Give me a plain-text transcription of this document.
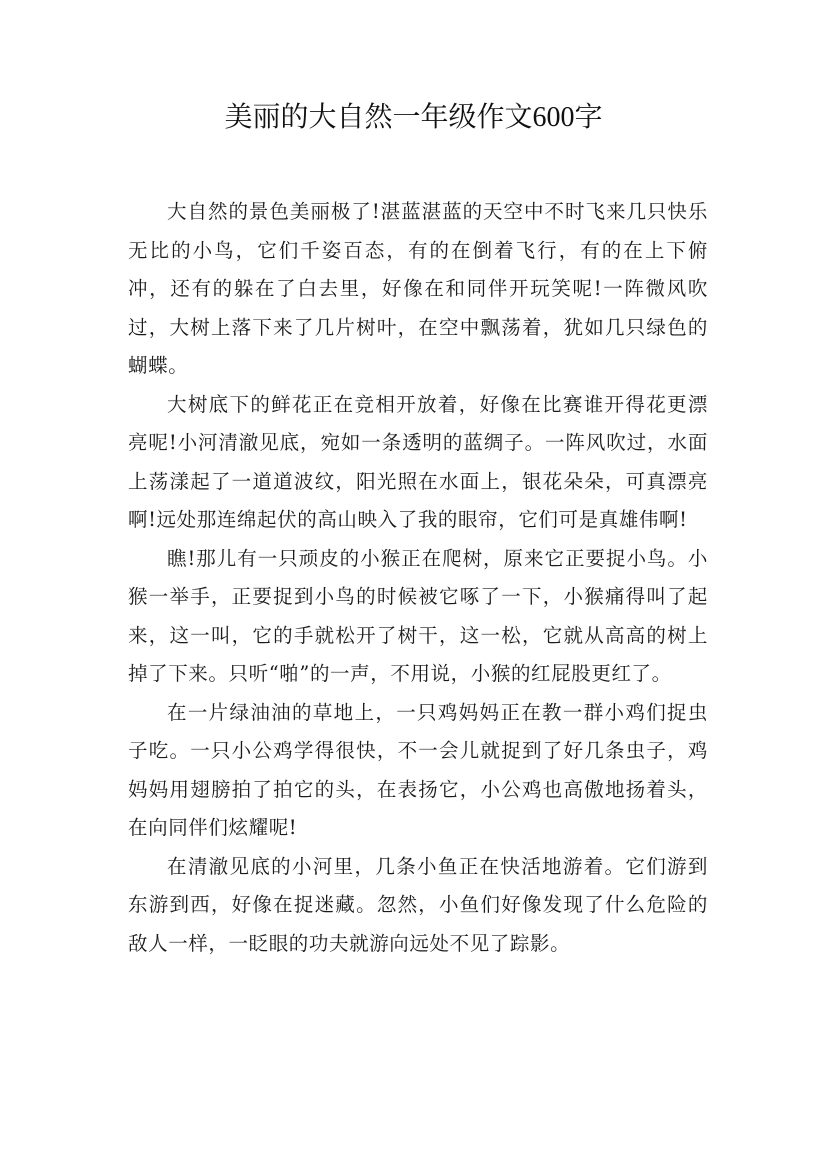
美丽的大自然一年级作文600字

大自然的景色美丽极了!湛蓝湛蓝的天空中不时飞来几只快乐无比的小鸟，它们千姿百态，有的在倒着飞行，有的在上下俯冲，还有的躲在了白去里，好像在和同伴开玩笑呢!一阵微风吹过，大树上落下来了几片树叶，在空中飘荡着，犹如几只绿色的蝴蝶。

大树底下的鲜花正在竞相开放着，好像在比赛谁开得花更漂亮呢!小河清澈见底，宛如一条透明的蓝绸子。一阵风吹过，水面上荡漾起了一道道波纹，阳光照在水面上，银花朵朵，可真漂亮啊!远处那连绵起伏的高山映入了我的眼帘，它们可是真雄伟啊!

瞧!那儿有一只顽皮的小猴正在爬树，原来它正要捉小鸟。小猴一举手，正要捉到小鸟的时候被它啄了一下，小猴痛得叫了起来，这一叫，它的手就松开了树干，这一松，它就从高高的树上掉了下来。只听“啪”的一声，不用说，小猴的红屁股更红了。

在一片绿油油的草地上，一只鸡妈妈正在教一群小鸡们捉虫子吃。一只小公鸡学得很快，不一会儿就捉到了好几条虫子，鸡妈妈用翅膀拍了拍它的头，在表扬它，小公鸡也高傲地扬着头，在向同伴们炫耀呢!

在清澈见底的小河里，几条小鱼正在快活地游着。它们游到东游到西，好像在捉迷藏。忽然，小鱼们好像发现了什么危险的敌人一样，一眨眼的功夫就游向远处不见了踪影。
